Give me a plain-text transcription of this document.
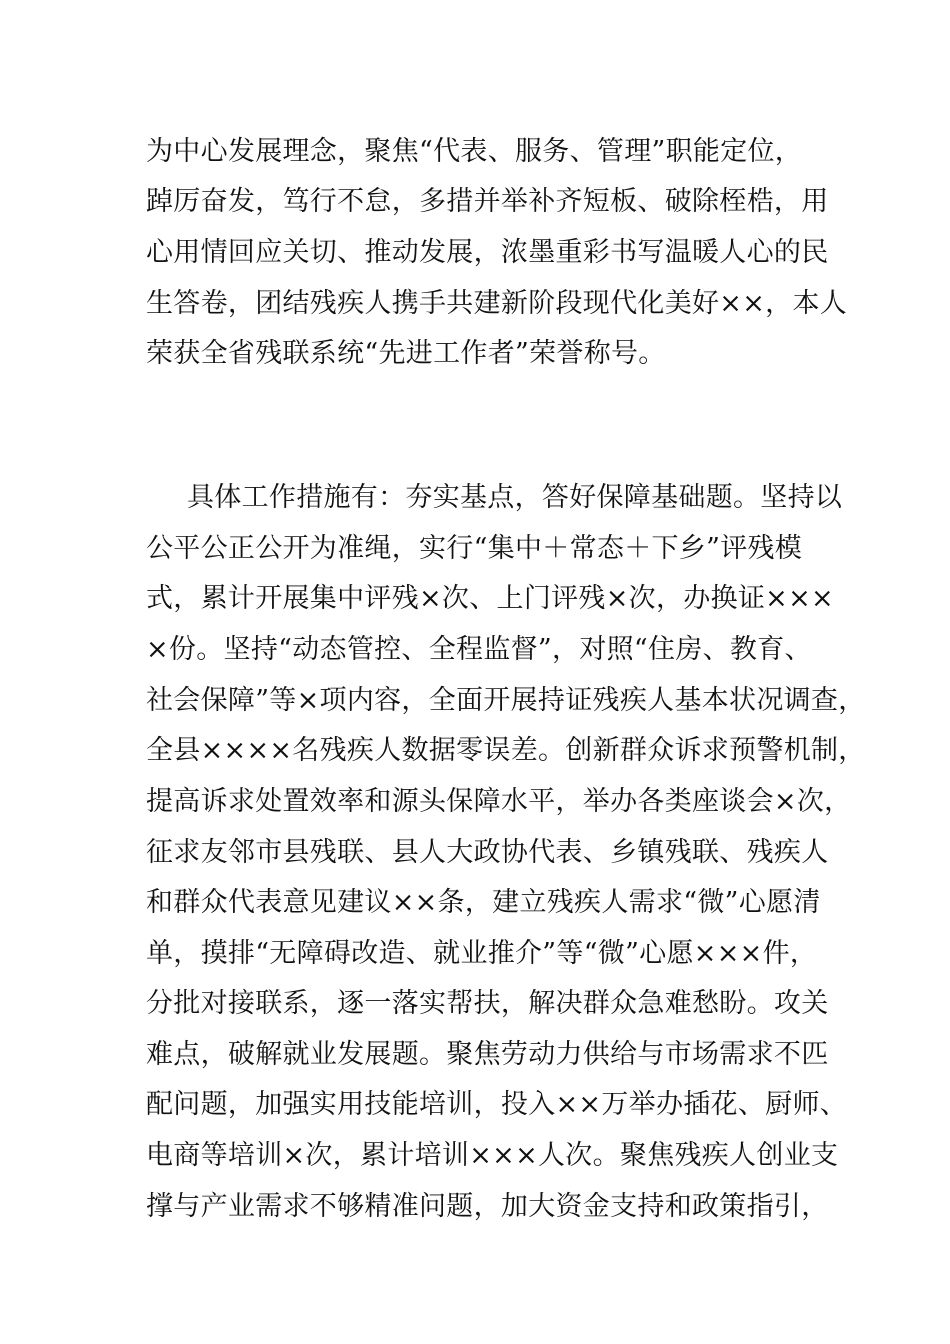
为中心发展理念，聚焦“代表、服务、管理”职能定位，
踔厉奋发，笃行不怠，多措并举补齐短板、破除桎梏，用
心用情回应关切、推动发展，浓墨重彩书写温暖人心的民
生答卷，团结残疾人携手共建新阶段现代化美好××，本人
荣获全省残联系统“先进工作者”荣誉称号。
具体工作措施有：夯实基点，答好保障基础题。坚持以
公平公正公开为准绳，实行“集中＋常态＋下乡”评残模
式，累计开展集中评残×次、上门评残×次，办换证×××
×份。坚持“动态管控、全程监督”，对照“住房、教育、
社会保障”等×项内容，全面开展持证残疾人基本状况调查，
全县××××名残疾人数据零误差。创新群众诉求预警机制，
提高诉求处置效率和源头保障水平，举办各类座谈会×次，
征求友邻市县残联、县人大政协代表、乡镇残联、残疾人
和群众代表意见建议××条，建立残疾人需求“微”心愿清
单，摸排“无障碍改造、就业推介”等“微”心愿×××件，
分批对接联系，逐一落实帮扶，解决群众急难愁盼。攻关
难点，破解就业发展题。聚焦劳动力供给与市场需求不匹
配问题，加强实用技能培训，投入××万举办插花、厨师、
电商等培训×次，累计培训×××人次。聚焦残疾人创业支
撑与产业需求不够精准问题，加大资金支持和政策指引，
